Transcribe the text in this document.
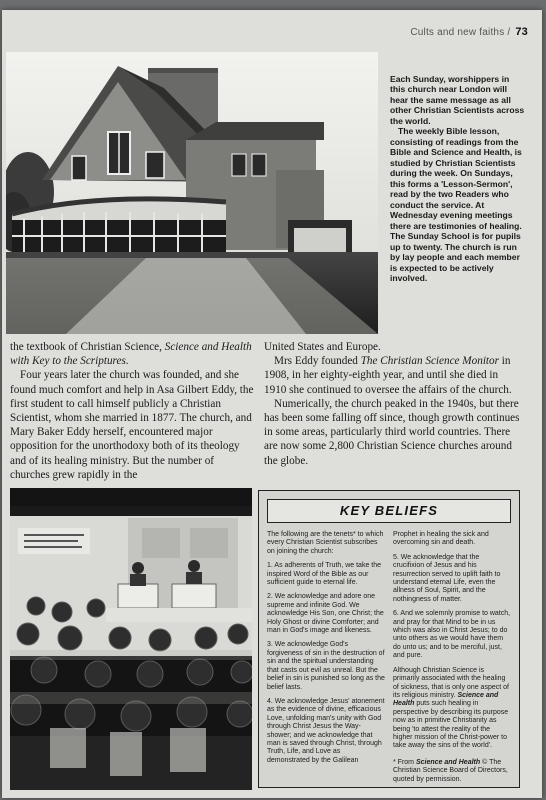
Cults and new faiths / 73

Each Sunday, worshippers in this church near London will hear the same message as all other Christian Scientists across the world.

The weekly Bible lesson, consisting of readings from the Bible and Science and Health, is studied by Christian Scientists during the week. On Sundays, this forms a 'Lesson-Sermon', read by the two Readers who conduct the service. At Wednesday evening meetings there are testimonies of healing. The Sunday School is for pupils up to twenty. The church is run by lay people and each member is expected to be actively involved.

the textbook of Christian Science, Science and Health with Key to the Scriptures.

Four years later the church was founded, and she found much comfort and help in Asa Gilbert Eddy, the first student to call himself publicly a Christian Scientist, whom she married in 1877. The church, and Mary Baker Eddy herself, encountered major opposition for the unorthodoxy both of its theology and of its healing ministry. But the number of churches grew rapidly in the

United States and Europe.

Mrs Eddy founded The Christian Science Monitor in 1908, in her eighty-eighth year, and until she died in 1910 she continued to oversee the affairs of the church.

Numerically, the church peaked in the 1940s, but there has been some falling off since, though growth continues in some areas, particularly third world countries. There are now some 2,800 Christian Science churches around the globe.

KEY BELIEFS

The following are the tenets* to which every Christian Scientist subscribes on joining the church:

1. As adherents of Truth, we take the inspired Word of the Bible as our sufficient guide to eternal life.

2. We acknowledge and adore one supreme and infinite God. We acknowledge His Son, one Christ; the Holy Ghost or divine Comforter; and man in God's image and likeness.

3. We acknowledge God's forgiveness of sin in the destruction of sin and the spiritual understanding that casts out evil as unreal. But the belief in sin is punished so long as the belief lasts.

4. We acknowledge Jesus' atonement as the evidence of divine, efficacious Love, unfolding man's unity with God through Christ Jesus the Way-shower; and we acknowledge that man is saved through Christ, through Truth, Life, and Love as demonstrated by the Galilean

Prophet in healing the sick and overcoming sin and death.

5. We acknowledge that the crucifixion of Jesus and his resurrection served to uplift faith to understand eternal Life, even the allness of Soul, Spirit, and the nothingness of matter.

6. And we solemnly promise to watch, and pray for that Mind to be in us which was also in Christ Jesus; to do unto others as we would have them do unto us; and to be merciful, just, and pure.

Although Christian Science is primarily associated with the healing of sickness, that is only one aspect of its religious ministry. Science and Health puts such healing in perspective by describing its purpose now as in primitive Christianity as being 'to attest the reality of the higher mission of the Christ-power to take away the sins of the world'.

* From Science and Health © The Christian Science Board of Directors, quoted by permission.
